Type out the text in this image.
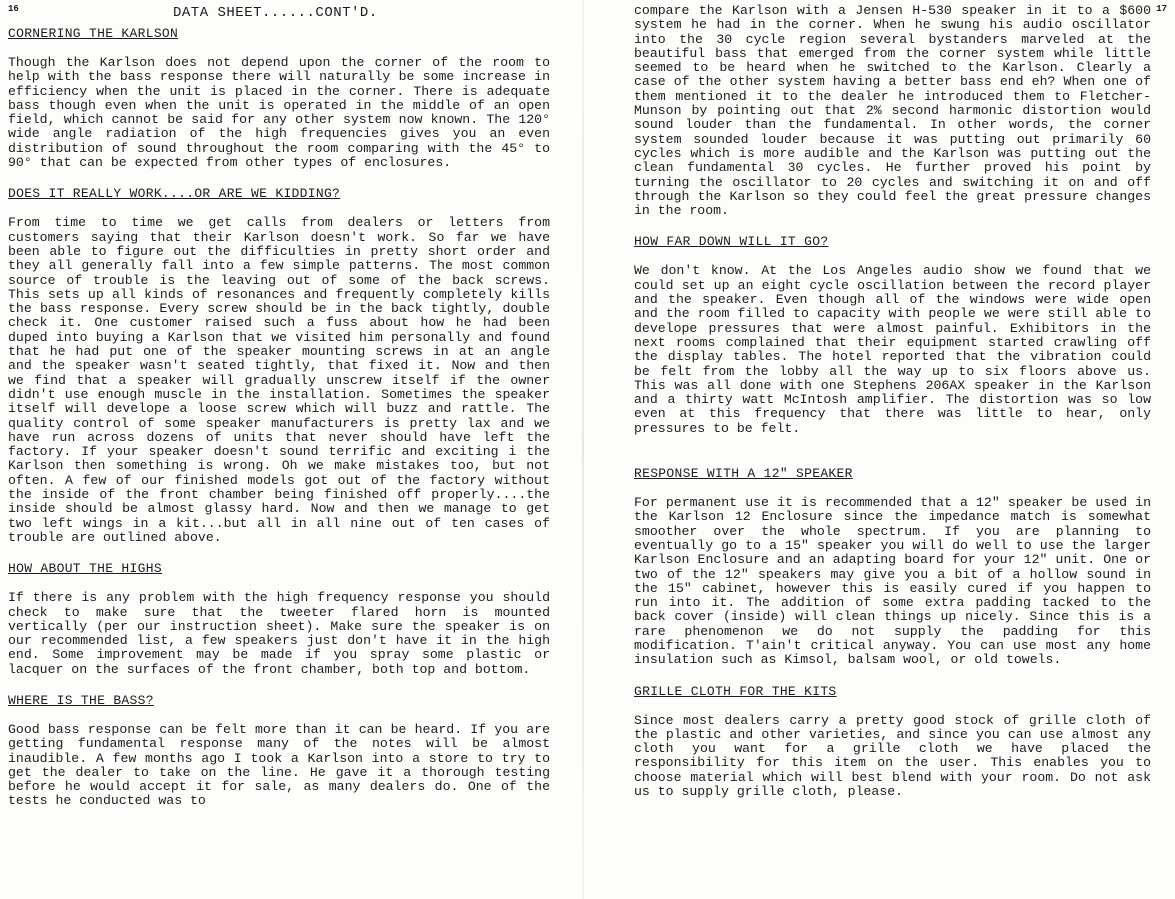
16	DATA SHEET......CONT'D.
CORNERING THE KARLSON
Though the Karlson does not depend upon the corner of the room to help with the bass response there will naturally be some increase in efficiency when the unit is placed in the corner. There is adequate bass though even when the unit is operated in the middle of an open field, which cannot be said for any other system now known. The 120° wide angle radiation of the high frequencies gives you an even distribution of sound throughout the room comparing with the 45° to 90° that can be expected from other types of enclosures.
DOES IT REALLY WORK....OR ARE WE KIDDING?
From time to time we get calls from dealers or letters from customers saying that their Karlson doesn't work. So far we have been able to figure out the difficulties in pretty short order and they all generally fall into a few simple patterns. The most common source of trouble is the leaving out of some of the back screws. This sets up all kinds of resonances and frequently completely kills the bass response. Every screw should be in the back tightly, double check it. One customer raised such a fuss about how he had been duped into buying a Karlson that we visited him personally and found that he had put one of the speaker mounting screws in at an angle and the speaker wasn't seated tightly, that fixed it. Now and then we find that a speaker will gradually unscrew itself if the owner didn't use enough muscle in the installation. Sometimes the speaker itself will develope a loose screw which will buzz and rattle. The quality control of some speaker manufacturers is pretty lax and we have run across dozens of units that never should have left the factory. If your speaker doesn't sound terrific and exciting i the Karlson then something is wrong. Oh we make mistakes too, but not often. A few of our finished models got out of the factory without the inside of the front chamber being finished off properly....the inside should be almost glassy hard. Now and then we manage to get two left wings in a kit...but all in all nine out of ten cases of trouble are outlined above.
HOW ABOUT THE HIGHS
If there is any problem with the high frequency response you should check to make sure that the tweeter flared horn is mounted vertically (per our instruction sheet). Make sure the speaker is on our recommended list, a few speakers just don't have it in the high end. Some improvement may be made if you spray some plastic or lacquer on the surfaces of the front chamber, both top and bottom.
WHERE IS THE BASS?
Good bass response can be felt more than it can be heard. If you are getting fundamental response many of the notes will be almost inaudible. A few months ago I took a Karlson into a store to try to get the dealer to take on the line. He gave it a thorough testing before he would accept it for sale, as many dealers do. One of the tests he conducted was to
17
compare the Karlson with a Jensen H-530 speaker in it to a $600 system he had in the corner. When he swung his audio oscillator into the 30 cycle region several bystanders marveled at the beautiful bass that emerged from the corner system while little seemed to be heard when he switched to the Karlson. Clearly a case of the other system having a better bass end eh? When one of them mentioned it to the dealer he introduced them to Fletcher-Munson by pointing out that 2% second harmonic distortion would sound louder than the fundamental. In other words, the corner system sounded louder because it was putting out primarily 60 cycles which is more audible and the Karlson was putting out the clean fundamental 30 cycles. He further proved his point by turning the oscillator to 20 cycles and switching it on and off through the Karlson so they could feel the great pressure changes in the room.
HOW FAR DOWN WILL IT GO?
We don't know. At the Los Angeles audio show we found that we could set up an eight cycle oscillation between the record player and the speaker. Even though all of the windows were wide open and the room filled to capacity with people we were still able to develope pressures that were almost painful. Exhibitors in the next rooms complained that their equipment started crawling off the display tables. The hotel reported that the vibration could be felt from the lobby all the way up to six floors above us. This was all done with one Stephens 206AX speaker in the Karlson and a thirty watt McIntosh amplifier. The distortion was so low even at this frequency that there was little to hear, only pressures to be felt.
RESPONSE WITH A 12" SPEAKER
For permanent use it is recommended that a 12" speaker be used in the Karlson 12 Enclosure since the impedance match is somewhat smoother over the whole spectrum. If you are planning to eventually go to a 15" speaker you will do well to use the larger Karlson Enclosure and an adapting board for your 12" unit. One or two of the 12" speakers may give you a bit of a hollow sound in the 15" cabinet, however this is easily cured if you happen to run into it. The addition of some extra padding tacked to the back cover (inside) will clean things up nicely. Since this is a rare phenomenon we do not supply the padding for this modification. T'ain't critical anyway. You can use most any home insulation such as Kimsol, balsam wool, or old towels.
GRILLE CLOTH FOR THE KITS
Since most dealers carry a pretty good stock of grille cloth of the plastic and other varieties, and since you can use almost any cloth you want for a grille cloth we have placed the responsibility for this item on the user. This enables you to choose material which will best blend with your room. Do not ask us to supply grille cloth, please.
